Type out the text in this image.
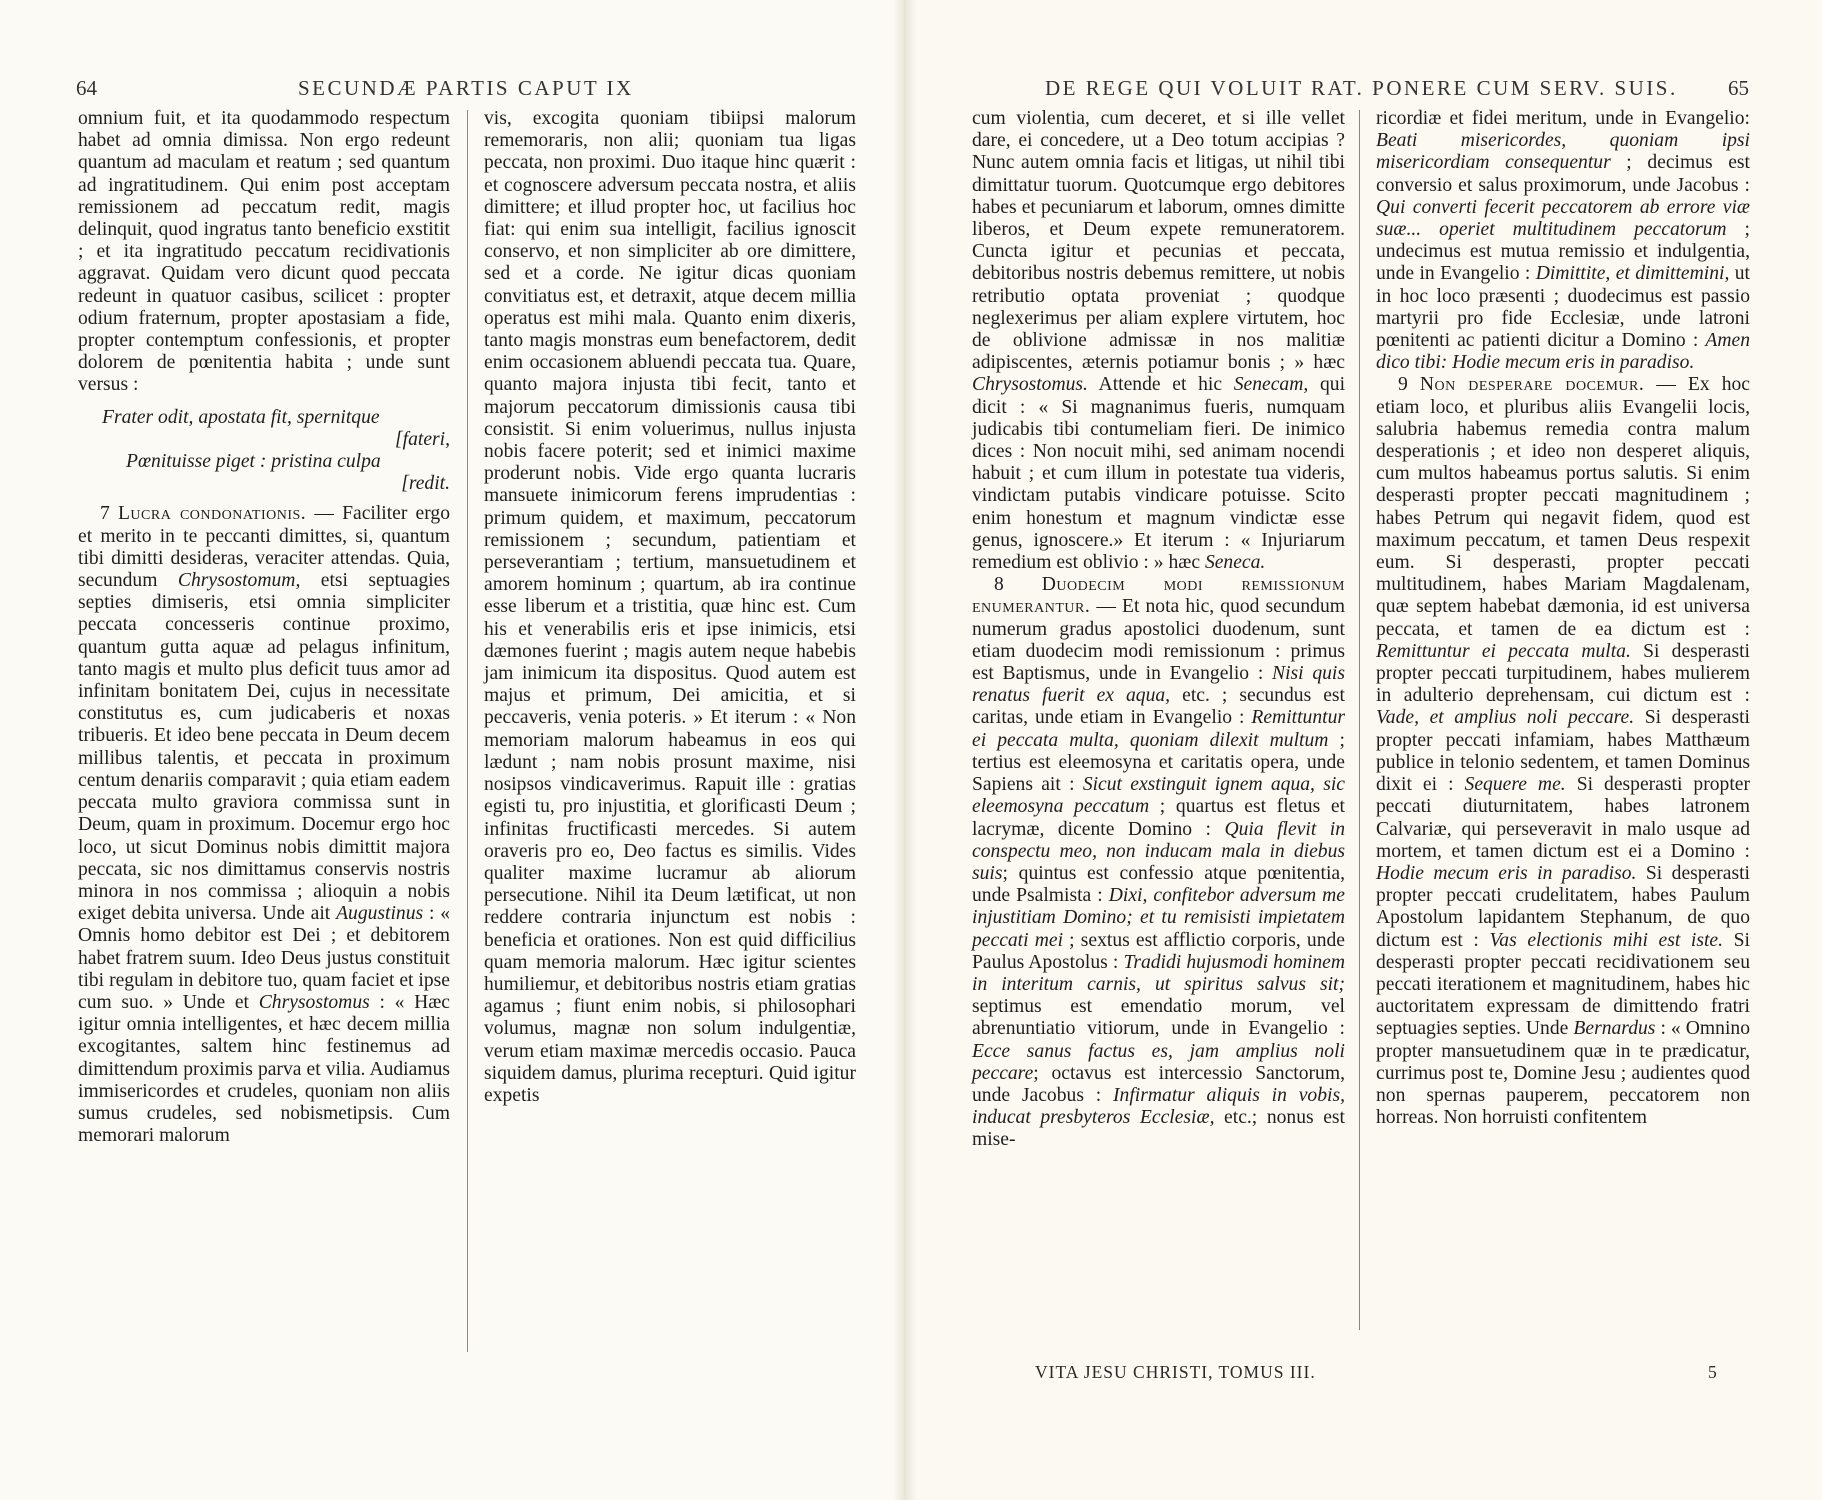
64	SECUNDÆ PARTIS CAPUT IX

omnium fuit, et ita quodammodo respectum habet ad omnia dimissa. Non ergo redeunt quantum ad maculam et reatum ; sed quantum ad ingratitudinem. Qui enim post acceptam remissionem ad peccatum redit, magis delinquit, quod ingratus tanto beneficio exstitit ; et ita ingratitudo peccatum recidivationis aggravat. Quidam vero dicunt quod peccata redeunt in quatuor casibus, scilicet : propter odium fraternum, propter apostasiam a fide, propter contemptum confessionis, et propter dolorem de pœnitentia habita ; unde sunt versus :

Frater odit, apostata fit, spernitque
[fateri,
Pœnituisse piget : pristina culpa
[redit.

7 Lucra condonationis. — Faciliter ergo et merito in te peccanti dimittes, si, quantum tibi dimitti desideras, veraciter attendas. Quia, secundum Chrysostomum, etsi septuagies septies dimiseris, etsi omnia simpliciter peccata concesseris continue proximo, quantum gutta aquæ ad pelagus infinitum, tanto magis et multo plus deficit tuus amor ad infinitam bonitatem Dei, cujus in necessitate constitutus es, cum judicaberis et noxas tribueris. Et ideo bene peccata in Deum decem millibus talentis, et peccata in proximum centum denariis comparavit ; quia etiam eadem peccata multo graviora commissa sunt in Deum, quam in proximum. Docemur ergo hoc loco, ut sicut Dominus nobis dimittit majora peccata, sic nos dimittamus conservis nostris minora in nos commissa ; alioquin a nobis exiget debita universa. Unde ait Augustinus : « Omnis homo debitor est Dei ; et debitorem habet fratrem suum. Ideo Deus justus constituit tibi regulam in debitore tuo, quam faciet et ipse cum suo. » Unde et Chrysostomus : « Hæc igitur omnia intelligentes, et hæc decem millia excogitantes, saltem hinc festinemus ad dimittendum proximis parva et vilia. Audiamus immisericordes et crudeles, quoniam non aliis sumus crudeles, sed nobismetipsis. Cum memorari malorum

vis, excogita quoniam tibiipsi malorum rememoraris, non alii; quoniam tua ligas peccata, non proximi. Duo itaque hinc quærit : et cognoscere adversum peccata nostra, et aliis dimittere; et illud propter hoc, ut facilius hoc fiat: qui enim sua intelligit, facilius ignoscit conservo, et non simpliciter ab ore dimittere, sed et a corde. Ne igitur dicas quoniam convitiatus est, et detraxit, atque decem millia operatus est mihi mala. Quanto enim dixeris, tanto magis monstras eum benefactorem, dedit enim occasionem abluendi peccata tua. Quare, quanto majora injusta tibi fecit, tanto et majorum peccatorum dimissionis causa tibi consistit. Si enim voluerimus, nullus injusta nobis facere poterit; sed et inimici maxime proderunt nobis. Vide ergo quanta lucraris mansuete inimicorum ferens imprudentias : primum quidem, et maximum, peccatorum remissionem ; secundum, patientiam et perseverantiam ; tertium, mansuetudinem et amorem hominum ; quartum, ab ira continue esse liberum et a tristitia, quæ hinc est. Cum his et venerabilis eris et ipse inimicis, etsi dæmones fuerint ; magis autem neque habebis jam inimicum ita dispositus. Quod autem est majus et primum, Dei amicitia, et si peccaveris, venia poteris. » Et iterum : « Non memoriam malorum habeamus in eos qui lædunt ; nam nobis prosunt maxime, nisi nosipsos vindicaverimus. Rapuit ille : gratias egisti tu, pro injustitia, et glorificasti Deum ; infinitas fructificasti mercedes. Si autem oraveris pro eo, Deo factus es similis. Vides qualiter maxime lucramur ab aliorum persecutione. Nihil ita Deum lætificat, ut non reddere contraria injunctum est nobis : beneficia et orationes. Non est quid difficilius quam memoria malorum. Hæc igitur scientes humiliemur, et debitoribus nostris etiam gratias agamus ; fiunt enim nobis, si philosophari volumus, magnæ non solum indulgentiæ, verum etiam maximæ mercedis occasio. Pauca siquidem damus, plurima recepturi. Quid igitur expetis

DE REGE QUI VOLUIT RAT. PONERE CUM SERV. SUIS. 65

cum violentia, cum deceret, et si ille vellet dare, ei concedere, ut a Deo totum accipias ? Nunc autem omnia facis et litigas, ut nihil tibi dimittatur tuorum. Quotcumque ergo debitores habes et pecuniarum et laborum, omnes dimitte liberos, et Deum expete remuneratorem. Cuncta igitur et pecunias et peccata, debitoribus nostris debemus remittere, ut nobis retributio optata proveniat ; quodque neglexerimus per aliam explere virtutem, hoc de oblivione admissæ in nos malitiæ adipiscentes, æternis potiamur bonis ; » hæc Chrysostomus. Attende et hic Senecam, qui dicit : « Si magnanimus fueris, numquam judicabis tibi contumeliam fieri. De inimico dices : Non nocuit mihi, sed animam nocendi habuit ; et cum illum in potestate tua videris, vindictam putabis vindicare potuisse. Scito enim honestum et magnum vindictæ esse genus, ignoscere.» Et iterum : « Injuriarum remedium est oblivio : » hæc Seneca.

8 Duodecim modi remissionum enumerantur. — Et nota hic, quod secundum numerum gradus apostolici duodenum, sunt etiam duodecim modi remissionum : primus est Baptismus, unde in Evangelio : Nisi quis renatus fuerit ex aqua, etc. ; secundus est caritas, unde etiam in Evangelio : Remittuntur ei peccata multa, quoniam dilexit multum ; tertius est eleemosyna et caritatis opera, unde Sapiens ait : Sicut exstinguit ignem aqua, sic eleemosyna peccatum ; quartus est fletus et lacrymæ, dicente Domino : Quia flevit in conspectu meo, non inducam mala in diebus suis; quintus est confessio atque pœnitentia, unde Psalmista : Dixi, confitebor adversum me injustitiam Domino; et tu remisisti impietatem peccati mei ; sextus est afflictio corporis, unde Paulus Apostolus : Tradidi hujusmodi hominem in interitum carnis, ut spiritus salvus sit; septimus est emendatio morum, vel abrenuntiatio vitiorum, unde in Evangelio : Ecce sanus factus es, jam amplius noli peccare; octavus est intercessio Sanctorum, unde Jacobus : Infirmatur aliquis in vobis, inducat presbyteros Ecclesiæ, etc.; nonus est mise-

ricordiæ et fidei meritum, unde in Evangelio: Beati misericordes, quoniam ipsi misericordiam consequentur ; decimus est conversio et salus proximorum, unde Jacobus : Qui converti fecerit peccatorem ab errore viæ suæ... operiet multitudinem peccatorum ; undecimus est mutua remissio et indulgentia, unde in Evangelio : Dimittite, et dimittemini, ut in hoc loco præsenti ; duodecimus est passio martyrii pro fide Ecclesiæ, unde latroni pœnitenti ac patienti dicitur a Domino : Amen dico tibi: Hodie mecum eris in paradiso.

9 Non desperare docemur. — Ex hoc etiam loco, et pluribus aliis Evangelii locis, salubria habemus remedia contra malum desperationis ; et ideo non desperet aliquis, cum multos habeamus portus salutis. Si enim desperasti propter peccati magnitudinem ; habes Petrum qui negavit fidem, quod est maximum peccatum, et tamen Deus respexit eum. Si desperasti, propter peccati multitudinem, habes Mariam Magdalenam, quæ septem habebat dæmonia, id est universa peccata, et tamen de ea dictum est : Remittuntur ei peccata multa. Si desperasti propter peccati turpitudinem, habes mulierem in adulterio deprehensam, cui dictum est : Vade, et amplius noli peccare. Si desperasti propter peccati infamiam, habes Matthæum publice in telonio sedentem, et tamen Dominus dixit ei : Sequere me. Si desperasti propter peccati diuturnitatem, habes latronem Calvariæ, qui perseveravit in malo usque ad mortem, et tamen dictum est ei a Domino : Hodie mecum eris in paradiso. Si desperasti propter peccati crudelitatem, habes Paulum Apostolum lapidantem Stephanum, de quo dictum est : Vas electionis mihi est iste. Si desperasti propter peccati recidivationem seu peccati iterationem et magnitudinem, habes hic auctoritatem expressam de dimittendo fratri septuagies septies. Unde Bernardus : « Omnino propter mansuetudinem quæ in te prædicatur, currimus post te, Domine Jesu ; audientes quod non spernas pauperem, peccatorem non horreas. Non horruisti confitentem

VITA JESU CHRISTI, TOMUS III.	5
